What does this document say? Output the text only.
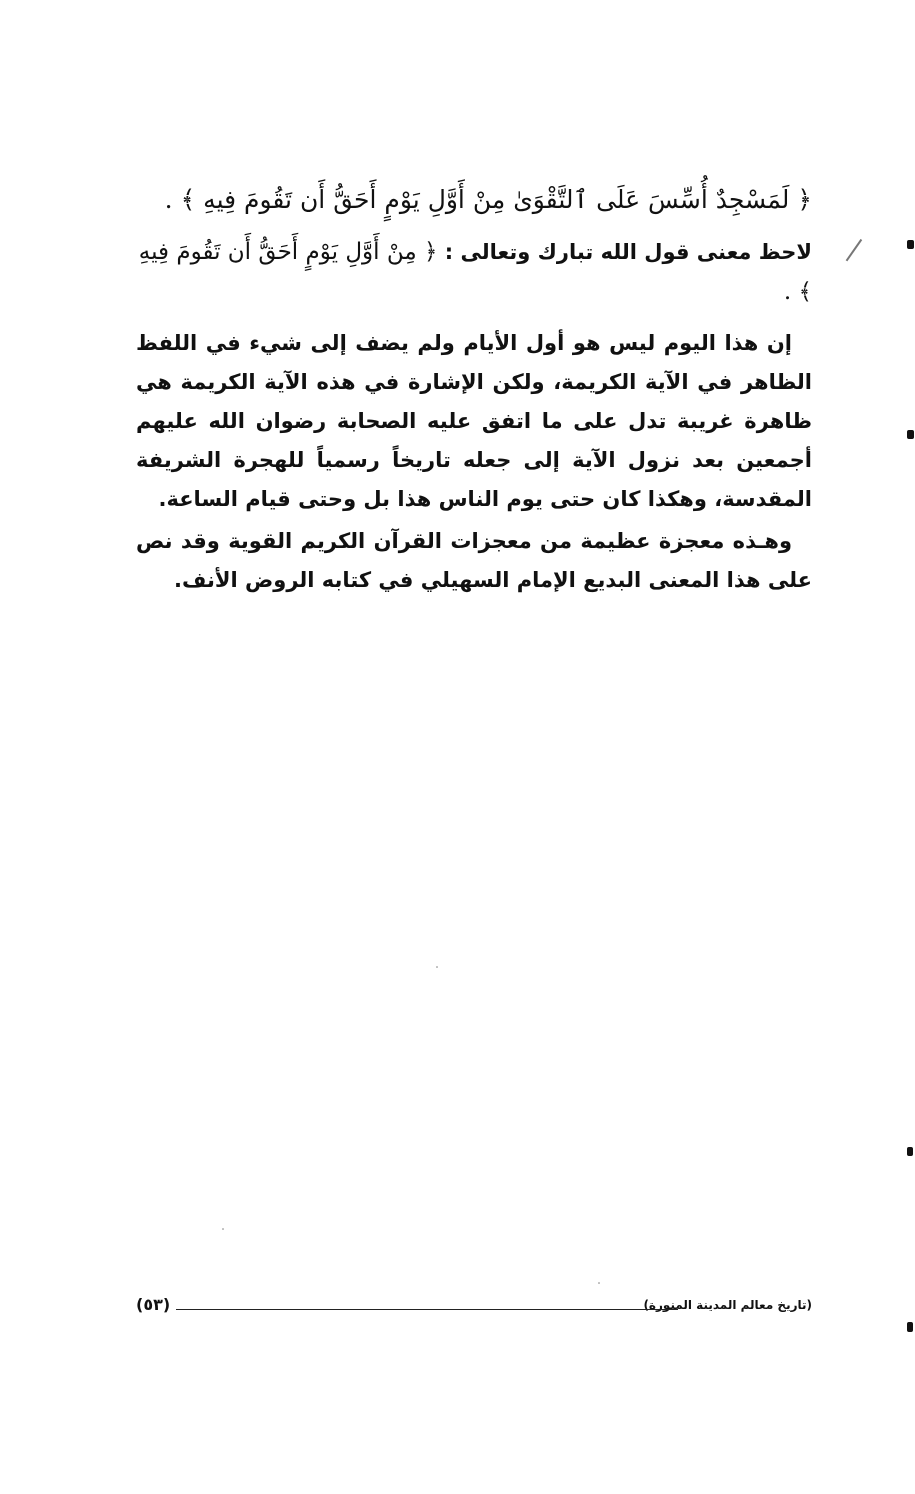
﴿ لَمَسْجِدٌ أُسِّسَ عَلَى ٱلتَّقْوَىٰ مِنْ أَوَّلِ يَوْمٍ أَحَقُّ أَن تَقُومَ فِيهِ ﴾ .

لاحظ معنى قول الله تبارك وتعالى : ﴿ مِنْ أَوَّلِ يَوْمٍ أَحَقُّ أَن تَقُومَ فِيهِ ﴾ .

إن هذا اليوم ليس هو أول الأيام ولم يضف إلى شيء في اللفظ الظاهر في الآية الكريمة، ولكن الإشارة في هذه الآية الكريمة هي ظاهرة غريبة تدل على ما اتفق عليه الصحابة رضوان الله عليهم أجمعين بعد نزول الآية إلى جعله تاريخاً رسمياً للهجرة الشريفة المقدسة، وهكذا كان حتى يوم الناس هذا بل وحتى قيام الساعة.

وهـذه معجزة عظيمة من معجزات القرآن الكريم القوية وقد نص على هذا المعنى البديع الإمام السهيلي في كتابه الروض الأنف.

(تاريخ معالم المدينة المنورة)
(٥٣)
